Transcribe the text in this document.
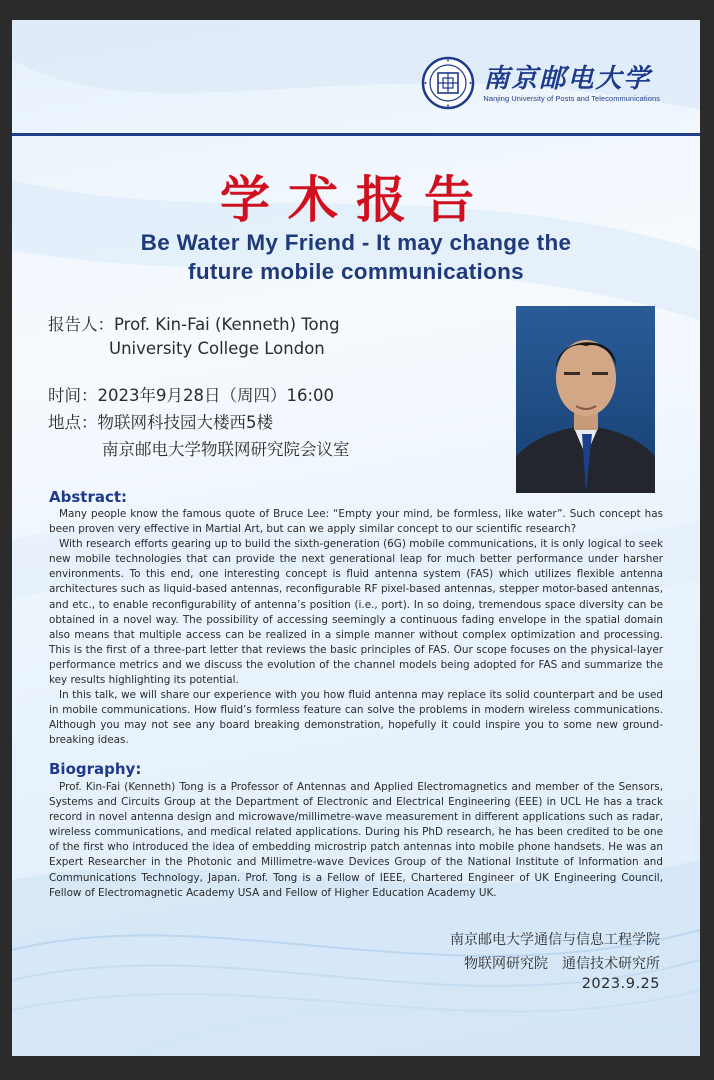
南京邮电大学
Nanjing University of Posts and Telecommunications
学术报告
Be Water My Friend - It may change the
future mobile communications
报告人：Prof. Kin-Fai (Kenneth) Tong
University College London
时间：2023年9月28日（周四）16:00
地点：物联网科技园大楼西5楼
南京邮电大学物联网研究院会议室
Abstract:

Many people know the famous quote of Bruce Lee: “Empty your mind, be formless, like water”. Such concept has been proven very effective in Martial Art, but can we apply similar concept to our scientific research?

With research efforts gearing up to build the sixth-generation (6G) mobile communications, it is only logical to seek new mobile technologies that can provide the next generational leap for much better performance under harsher environments. To this end, one interesting concept is fluid antenna system (FAS) which utilizes flexible antenna architectures such as liquid-based antennas, reconfigurable RF pixel-based antennas, stepper motor-based antennas, and etc., to enable reconfigurability of antenna’s position (i.e., port). In so doing, tremendous space diversity can be obtained in a novel way. The possibility of accessing seemingly a continuous fading envelope in the spatial domain also means that multiple access can be realized in a simple manner without complex optimization and processing. This is the first of a three-part letter that reviews the basic principles of FAS. Our scope focuses on the physical-layer performance metrics and we discuss the evolution of the channel models being adopted for FAS and summarize the key results highlighting its potential.

In this talk, we will share our experience with you how fluid antenna may replace its solid counterpart and be used in mobile communications. How fluid’s formless feature can solve the problems in modern wireless communications. Although you may not see any board breaking demonstration, hopefully it could inspire you to some new ground-breaking ideas.

Biography:

Prof. Kin-Fai (Kenneth) Tong is a Professor of Antennas and Applied Electromagnetics and member of the Sensors, Systems and Circuits Group at the Department of Electronic and Electrical Engineering (EEE) in UCL He has a track record in novel antenna design and microwave/millimetre-wave measurement in different applications such as radar, wireless communications, and medical related applications. During his PhD research, he has been credited to be one of the first who introduced the idea of embedding microstrip patch antennas into mobile phone handsets. He was an Expert Researcher in the Photonic and Millimetre-wave Devices Group of the National Institute of Information and Communications Technology, Japan. Prof. Tong is a Fellow of IEEE, Chartered Engineer of UK Engineering Council, Fellow of Electromagnetic Academy USA and Fellow of Higher Education Academy UK.

南京邮电大学通信与信息工程学院
物联网研究院　通信技术研究所
2023.9.25
